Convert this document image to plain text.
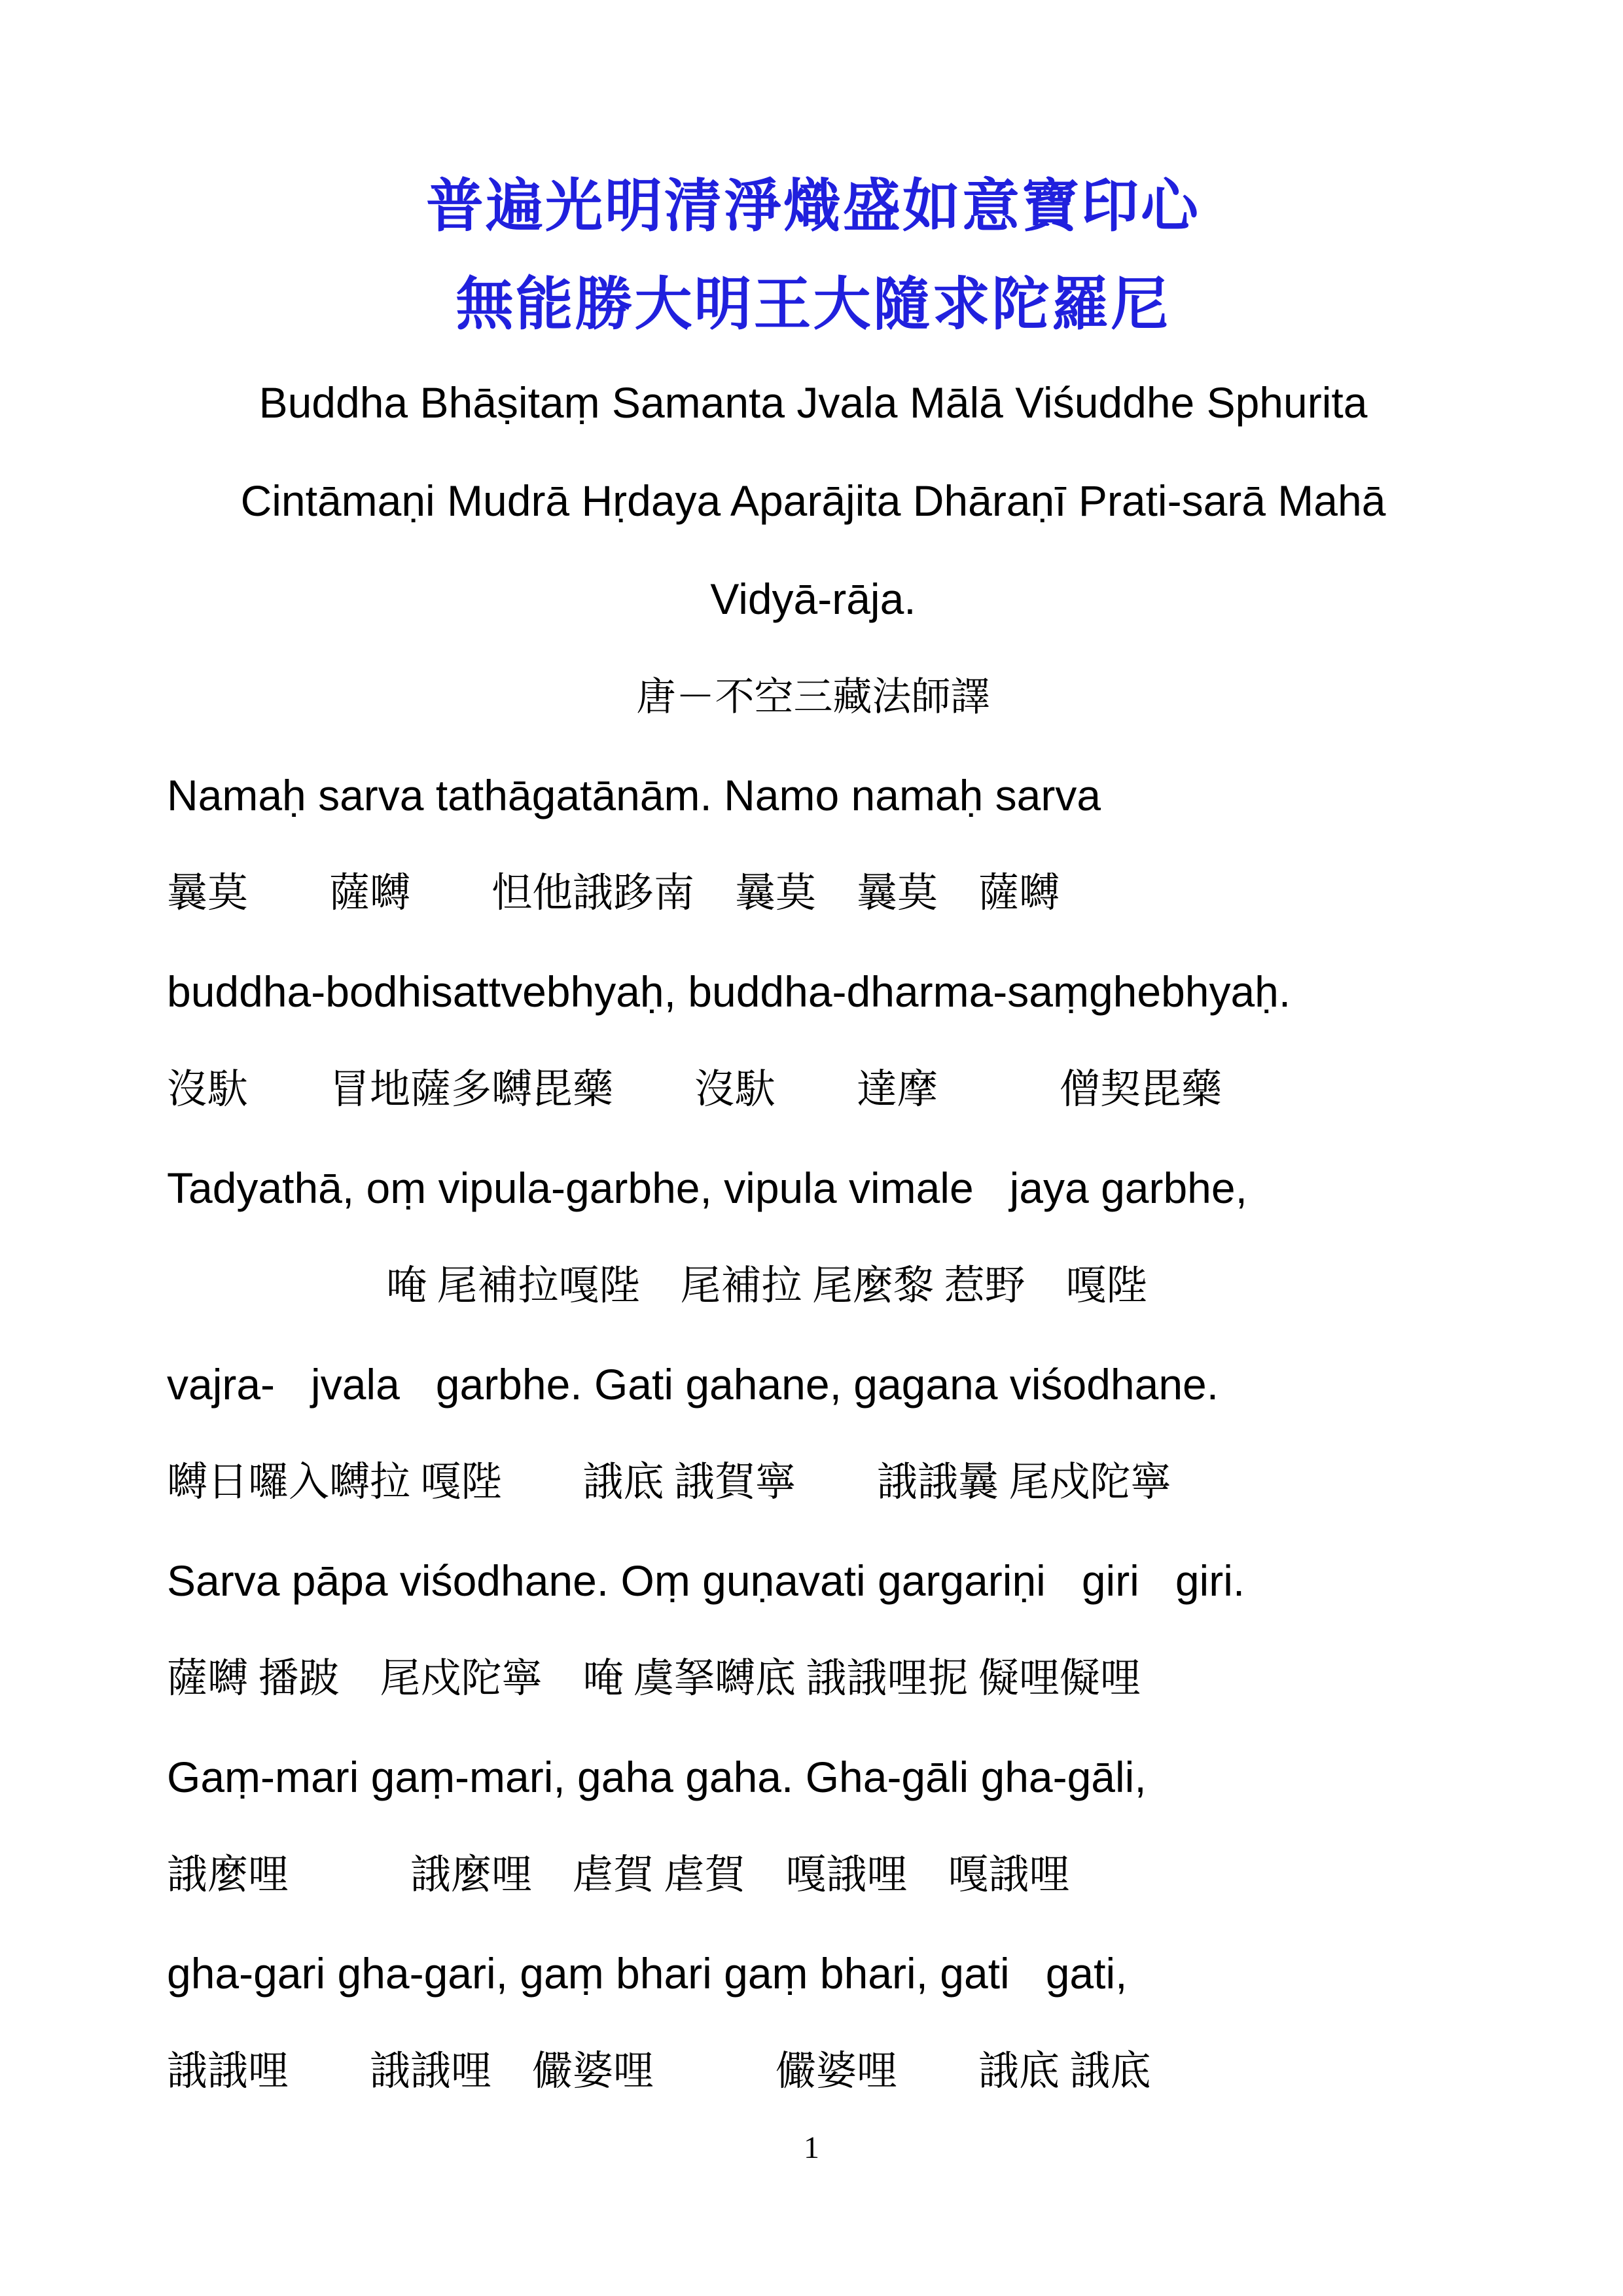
普遍光明清淨熾盛如意寶印心
無能勝大明王大隨求陀羅尼
Buddha Bhāṣitaṃ Samanta Jvala Mālā Viśuddhe Sphurita
Cintāmaṇi Mudrā Hṛdaya Aparājita Dhāraṇī Prati-sarā Mahā
Vidyā-rāja.
唐－不空三藏法師譯
Namaḥ sarva tathāgatānām. Namo namaḥ sarva
曩莫　　薩嚩　　怛他誐跢南　曩莫　曩莫　薩嚩
buddha-bodhisattvebhyaḥ, buddha-dharma-saṃghebhyaḥ.
沒馱　　冒地薩多嚩毘藥　　沒馱　　達摩　　　僧契毘藥
Tadyathā, oṃ vipula-garbhe, vipula vimale   jaya garbhe,
唵 尾補拉嘎陛　尾補拉 尾麼黎 惹野　嘎陛
vajra-   jvala   garbhe. Gati gahane, gagana viśodhane.
嚩日囉入嚩拉 嘎陛　　誐底 誐賀寧　　誐誐曩 尾戍陀寧
Sarva pāpa viśodhane. Oṃ guṇavati gargariṇi   giri   giri.
薩嚩 播跛　尾戍陀寧　唵 虞拏嚩底 誐誐哩抳 儗哩儗哩
Gaṃ-mari gaṃ-mari, gaha gaha. Gha-gāli gha-gāli,
誐麼哩　　　誐麼哩　虐賀 虐賀　嘎誐哩　嘎誐哩
gha-gari gha-gari, gaṃ bhari gaṃ bhari, gati   gati,
誐誐哩　　誐誐哩　儼婆哩　　　儼婆哩　　誐底 誐底
1
